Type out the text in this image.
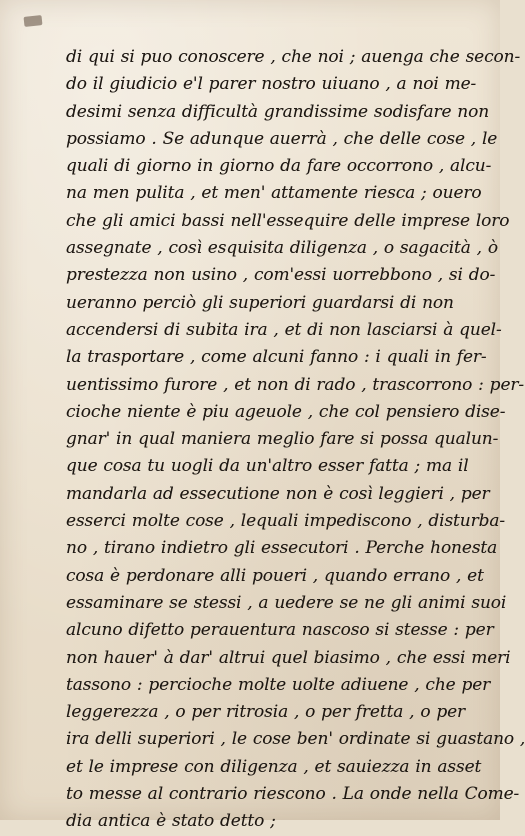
di qui si puo conoscere , che noi ; auenga che secon-
do il giudicio e'l parer nostro uiuano , a noi me-
desimi senza difficultà grandissime sodisfare non
possiamo . Se adunque auerrà , che delle cose , le
quali di giorno in giorno da fare occorrono , alcu-
na men pulita , et men' attamente riesca ; ouero
che gli amici bassi nell'essequire delle imprese loro
assegnate , così esquisita diligenza , o sagacità , ò
prestezza non usino , com'essi uorrebbono , si do-
ueranno perciò gli superiori guardarsi di non
accendersi di subita ira , et di non lasciarsi à quel-
la trasportare , come alcuni fanno : i quali in fer-
uentissimo furore , et non di rado , trascorrono : per-
cioche niente è piu ageuole , che col pensiero dise-
gnar' in qual maniera meglio fare si possa qualun-
que cosa tu uogli da un'altro esser fatta ; ma il
mandarla ad essecutione non è così leggieri , per
esserci molte cose , lequali impediscono , disturba-
no , tirano indietro gli essecutori . Perche honesta
cosa è perdonare alli poueri , quando errano , et
essaminare se stessi , a uedere se ne gli animi suoi
alcuno difetto perauentura nascoso si stesse : per
non hauer' à dar' altrui quel biasimo , che essi meri
tassono : percioche molte uolte adiuene , che per
leggerezza , o per ritrosia , o per fretta , o per
ira delli superiori , le cose ben' ordinate si guastano ,
et le imprese con diligenza , et sauiezza in asset
to messe al contrario riescono . La onde nella Come-
dia antica è stato detto ;
